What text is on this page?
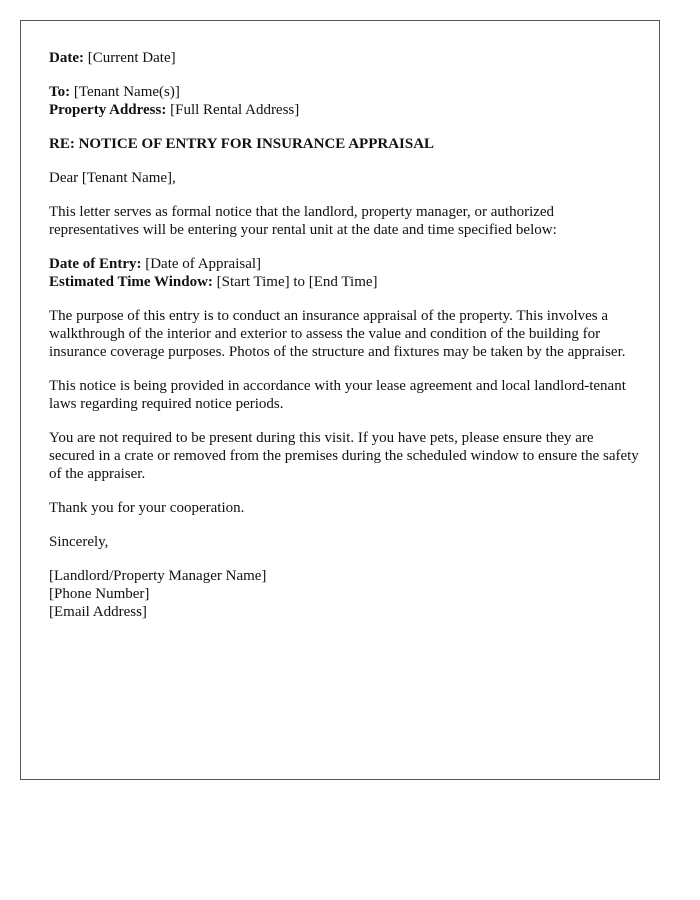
Date: [Current Date]

To: [Tenant Name(s)]
Property Address: [Full Rental Address]

RE: NOTICE OF ENTRY FOR INSURANCE APPRAISAL

Dear [Tenant Name],

This letter serves as formal notice that the landlord, property manager, or authorized representatives will be entering your rental unit at the date and time specified below:

Date of Entry: [Date of Appraisal]
Estimated Time Window: [Start Time] to [End Time]

The purpose of this entry is to conduct an insurance appraisal of the property. This involves a walkthrough of the interior and exterior to assess the value and condition of the building for insurance coverage purposes. Photos of the structure and fixtures may be taken by the appraiser.

This notice is being provided in accordance with your lease agreement and local landlord-tenant laws regarding required notice periods.

You are not required to be present during this visit. If you have pets, please ensure they are secured in a crate or removed from the premises during the scheduled window to ensure the safety of the appraiser.

Thank you for your cooperation.

Sincerely,

[Landlord/Property Manager Name]
[Phone Number]
[Email Address]
